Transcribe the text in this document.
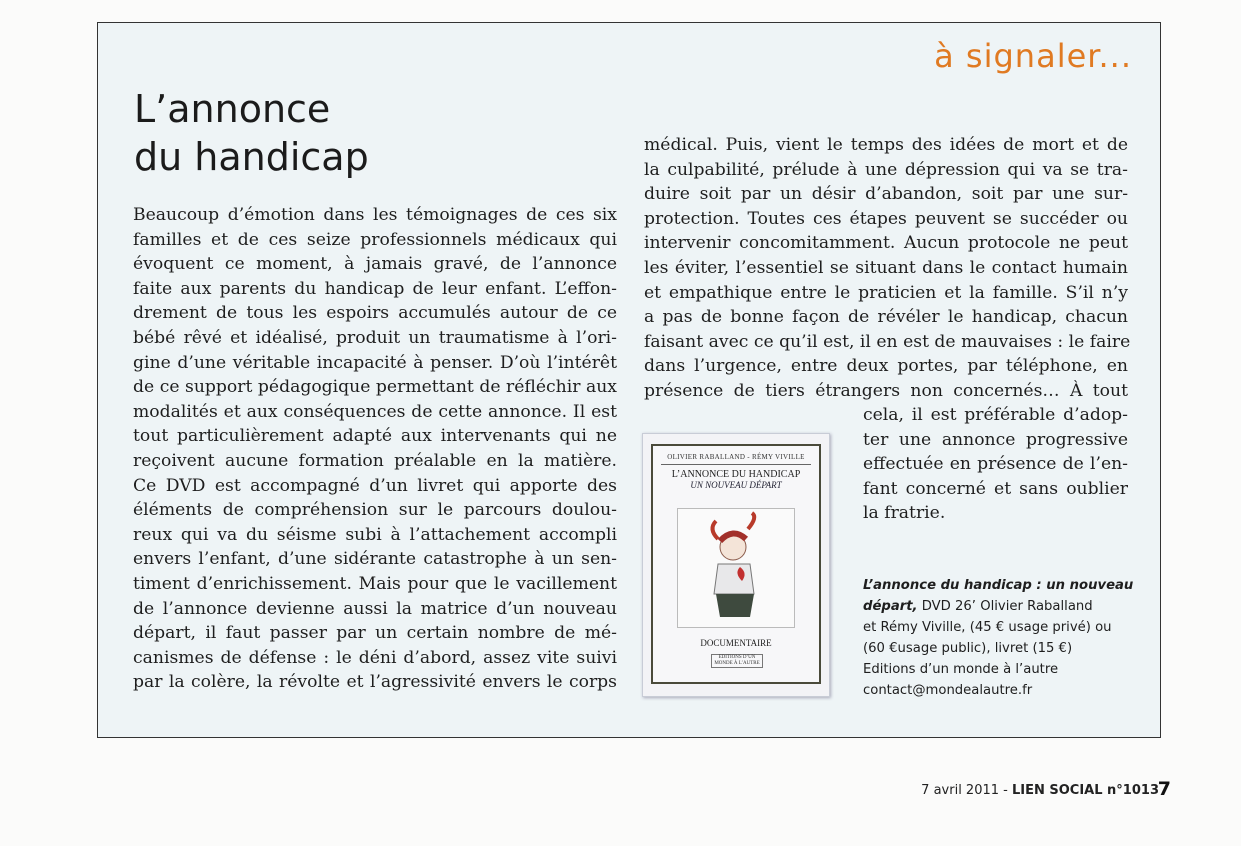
à signaler...
L’annonce
du handicap
Beaucoup d’émotion dans les témoignages de ces six
familles et de ces seize professionnels médicaux qui
évoquent ce moment, à jamais gravé, de l’annonce
faite aux parents du handicap de leur enfant. L’effon-
drement de tous les espoirs accumulés autour de ce
bébé rêvé et idéalisé, produit un traumatisme à l’ori-
gine d’une véritable incapacité à penser. D’où l’intérêt
de ce support pédagogique permettant de réfléchir aux
modalités et aux conséquences de cette annonce. Il est
tout particulièrement adapté aux intervenants qui ne
reçoivent aucune formation préalable en la matière.
Ce DVD est accompagné d’un livret qui apporte des
éléments de compréhension sur le parcours doulou-
reux qui va du séisme subi à l’attachement accompli
envers l’enfant, d’une sidérante catastrophe à un sen-
timent d’enrichissement. Mais pour que le vacillement
de l’annonce devienne aussi la matrice d’un nouveau
départ, il faut passer par un certain nombre de mé-
canismes de défense : le déni d’abord, assez vite suivi
par la colère, la révolte et l’agressivité envers le corps
médical. Puis, vient le temps des idées de mort et de
la culpabilité, prélude à une dépression qui va se tra-
duire soit par un désir d’abandon, soit par une sur-
protection. Toutes ces étapes peuvent se succéder ou
intervenir concomitamment. Aucun protocole ne peut
les éviter, l’essentiel se situant dans le contact humain
et empathique entre le praticien et la famille. S’il n’y
a pas de bonne façon de révéler le handicap, chacun
faisant avec ce qu’il est, il en est de mauvaises : le faire
dans l’urgence, entre deux portes, par téléphone, en
présence de tiers étrangers non concernés… À tout
cela, il est préférable d’adop-
ter une annonce progressive
effectuée en présence de l’en-
fant concerné et sans oublier
la fratrie.
OLIVIER RABALLAND - RÉMY VIVILLE
L’ANNONCE DU HANDICAP
UN NOUVEAU DÉPART
DOCUMENTAIRE
EDITIONS D’UN MONDE À L’AUTRE
L’annonce du handicap : un nouveau départ, DVD 26’ Olivier Raballand
et Rémy Viville, (45 € usage privé) ou
(60 €usage public), livret (15 €)
Editions d’un monde à l’autre
contact@mondealautre.fr
7 avril 2011 - LIEN SOCIAL n°1013
7
